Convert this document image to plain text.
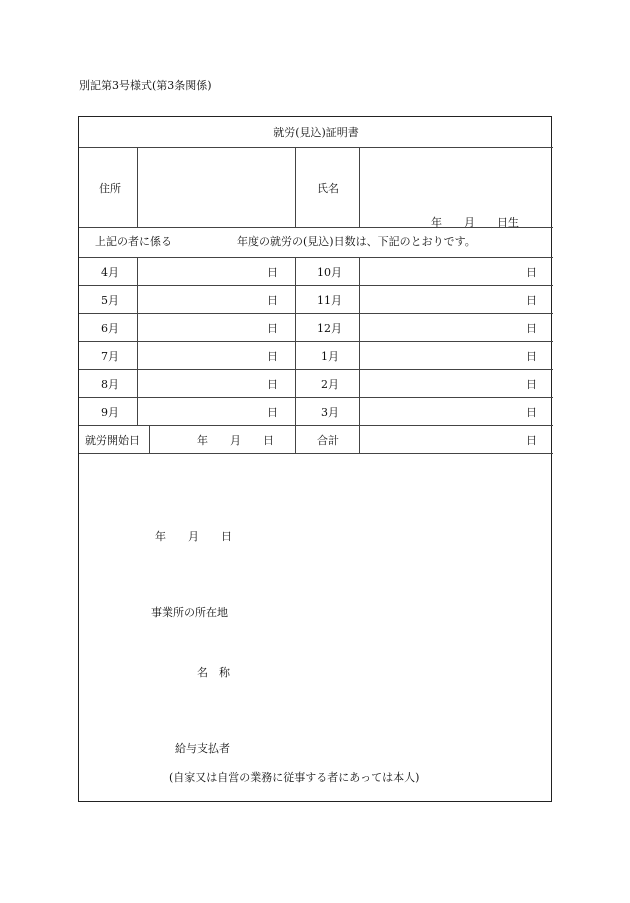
別記第3号様式(第3条関係)
就労(見込)証明書
住所	氏名
年　　月　　日生
上記の者に係る	年度の就労の(見込)日数は、下記のとおりです。
4月	日	10月	日
5月	日	11月	日
6月	日	12月	日
7月	日	1月	日
8月	日	2月	日
9月	日	3月	日
就労開始日	年　　月　　日	合計	日
年　　月　　日
事業所の所在地
名　称
給与支払者
(自家又は自営の業務に従事する者にあっては本人)
